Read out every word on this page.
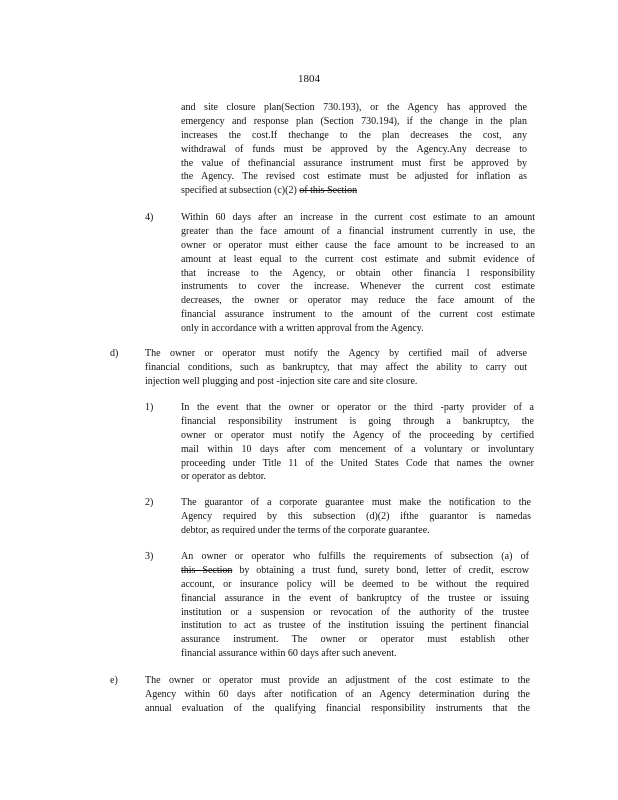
1804
and site closure plan(Section 730.193), or the Agency has approved the
emergency and response plan (Section 730.194), if the change in the plan
increases the cost.If thechange to the plan decreases the cost, any
withdrawal of funds must be approved by the Agency.Any decrease to
the value of thefinancial assurance instrument must first be approved by
the Agency. The revised cost estimate must be adjusted for inflation as
specified at subsection (c)(2) of this Section
4)	Within 60 days after an increase in the current cost estimate to an amount
greater than the face amount of a financial instrument currently in use, the
owner or operator must either cause the face amount to be increased to an
amount at least equal to the current cost estimate and submit evidence of
that increase to the Agency, or obtain other financia l responsibility
instruments to cover the increase. Whenever the current cost estimate
decreases, the owner or operator may reduce the face amount of the
financial assurance instrument to the amount of the current cost estimate
only in accordance with a written approval from the Agency.
d)	The owner or operator must notify the Agency by certified mail of adverse
financial conditions, such as bankruptcy, that may affect the ability to carry out
injection well plugging and post -injection site care and site closure.
1)	In the event that the owner or operator or the third -party provider of a
financial responsibility instrument is going through a bankruptcy, the
owner or operator must notify the Agency of the proceeding by certified
mail within 10 days after com mencement of a voluntary or involuntary
proceeding under Title 11 of the United States Code that names the owner
or operator as debtor.
2)	The guarantor of a corporate guarantee must make the notification to the
Agency required by this subsection (d)(2) ifthe guarantor is namedas
debtor, as required under the terms of the corporate guarantee.
3)	An owner or operator who fulfills the requirements of subsection (a) of
this Section by obtaining a trust fund, surety bond, letter of credit, escrow
account, or insurance policy will be deemed to be without the required
financial assurance in the event of bankruptcy of the trustee or issuing
institution or a suspension or revocation of the authority of the trustee
institution to act as trustee of the institution issuing the pertinent financial
assurance instrument. The owner or operator must establish other
financial assurance within 60 days after such anevent.
e)	The owner or operator must provide an adjustment of the cost estimate to the
Agency within 60 days after notification of an Agency determination during the
annual evaluation of the qualifying financial responsibility instruments that the
